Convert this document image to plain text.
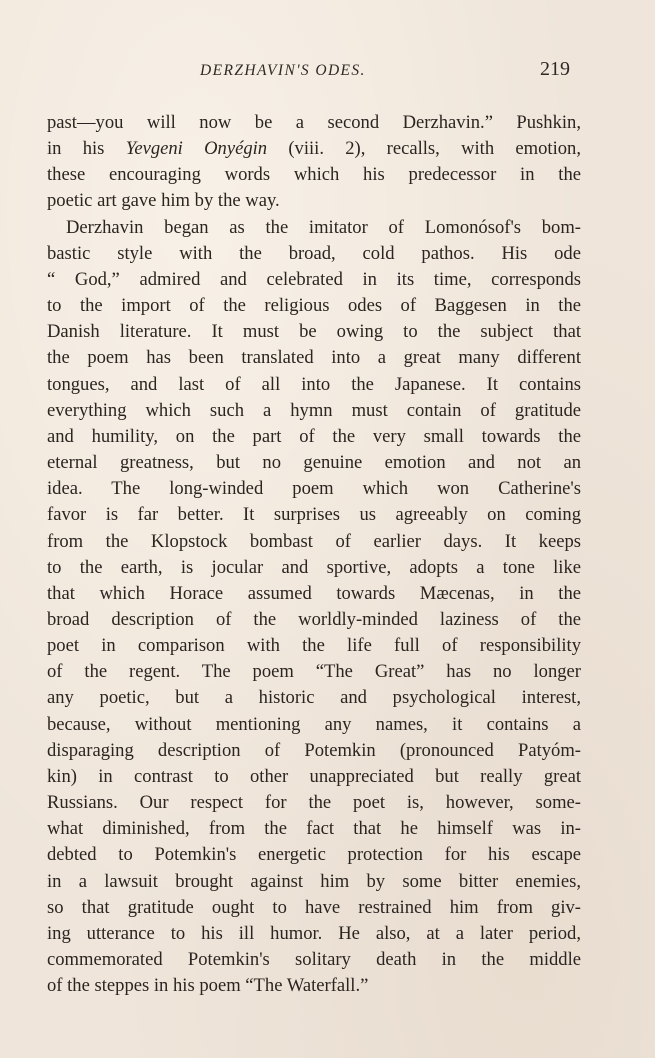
DERZHAVIN'S ODES.	219
past—you will now be a second Derzhavin.” Pushkin,
in his Yevgeni Onyégin (viii. 2), recalls, with emotion,
these encouraging words which his predecessor in the
poetic art gave him by the way.
Derzhavin began as the imitator of Lomonósof's bom-
bastic style with the broad, cold pathos. His ode
“ God,” admired and celebrated in its time, corresponds
to the import of the religious odes of Baggesen in the
Danish literature. It must be owing to the subject that
the poem has been translated into a great many different
tongues, and last of all into the Japanese. It contains
everything which such a hymn must contain of gratitude
and humility, on the part of the very small towards the
eternal greatness, but no genuine emotion and not an
idea. The long-winded poem which won Catherine's
favor is far better. It surprises us agreeably on coming
from the Klopstock bombast of earlier days. It keeps
to the earth, is jocular and sportive, adopts a tone like
that which Horace assumed towards Mæcenas, in the
broad description of the worldly-minded laziness of the
poet in comparison with the life full of responsibility
of the regent. The poem “The Great” has no longer
any poetic, but a historic and psychological interest,
because, without mentioning any names, it contains a
disparaging description of Potemkin (pronounced Patyóm-
kin) in contrast to other unappreciated but really great
Russians. Our respect for the poet is, however, some-
what diminished, from the fact that he himself was in-
debted to Potemkin's energetic protection for his escape
in a lawsuit brought against him by some bitter enemies,
so that gratitude ought to have restrained him from giv-
ing utterance to his ill humor. He also, at a later period,
commemorated Potemkin's solitary death in the middle
of the steppes in his poem “The Waterfall.”
